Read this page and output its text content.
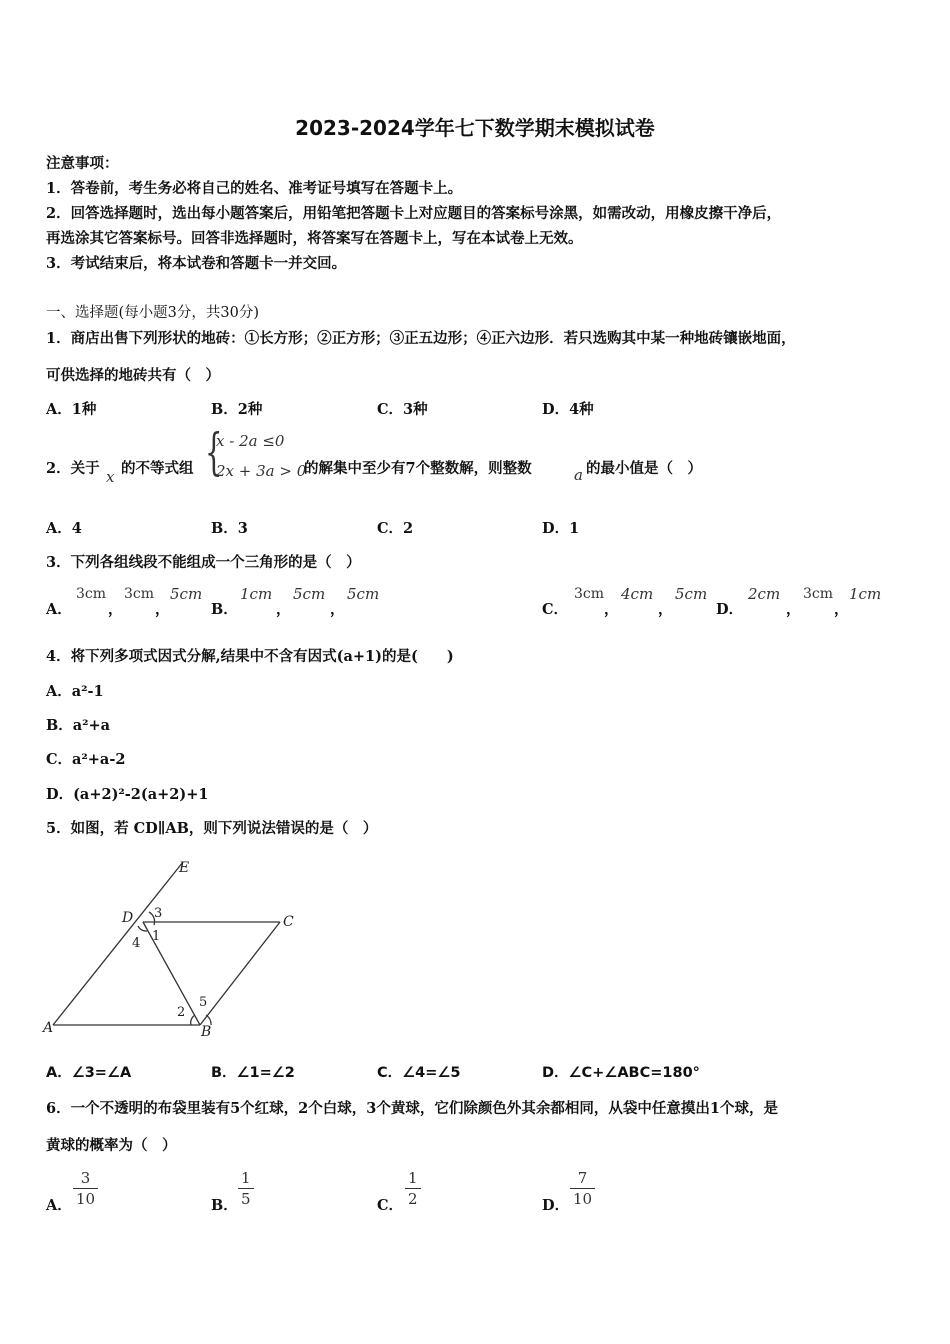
2023-2024学年七下数学期末模拟试卷
注意事项：
1．答卷前，考生务必将自己的姓名、准考证号填写在答题卡上。
2．回答选择题时，选出每小题答案后，用铅笔把答题卡上对应题目的答案标号涂黑，如需改动，用橡皮擦干净后，
再选涂其它答案标号。回答非选择题时，将答案写在答题卡上，写在本试卷上无效。
3．考试结束后，将本试卷和答题卡一并交回。
一、选择题(每小题3分，共30分)
1．商店出售下列形状的地砖：①长方形；②正方形；③正五边形；④正六边形．若只选购其中某一种地砖镶嵌地面，
可供选择的地砖共有（　）
A．1种	B．2种	C．3种	D．4种
2．关于 x 的不等式组 {
x - 2a ≤0
2x + 3a > 0
的解集中至少有7个整数解，则整数	a 的最小值是（　）
A．4	B．3	C．2	D．1
3．下列各组线段不能组成一个三角形的是（　）
A．
3cm
，
3cm
，
5cm
B．
1cm
，
5cm
，
5cm
C．
3cm
，
4cm
，
5cm
D．
2cm
，
3cm
，
1cm
4．将下列多项式因式分解,结果中不含有因式(a+1)的是(　　)
A．a²-1
B．a²+a
C．a²+a-2
D．(a+2)²-2(a+2)+1
5．如图，若 CD∥AB，则下列说法错误的是（　）
E
D	C
A	B
3
1
4
2
5
A．∠3=∠A	B．∠1=∠2	C．∠4=∠5	D．∠C+∠ABC=180°
6．一个不透明的布袋里装有5个红球，2个白球，3个黄球，它们除颜色外其余都相同，从袋中任意摸出1个球，是
黄球的概率为（　）
A． $\frac{3}{10}$	B． $\frac{1}{5}$	C． $\frac{1}{2}$	D． $\frac{7}{10}$
